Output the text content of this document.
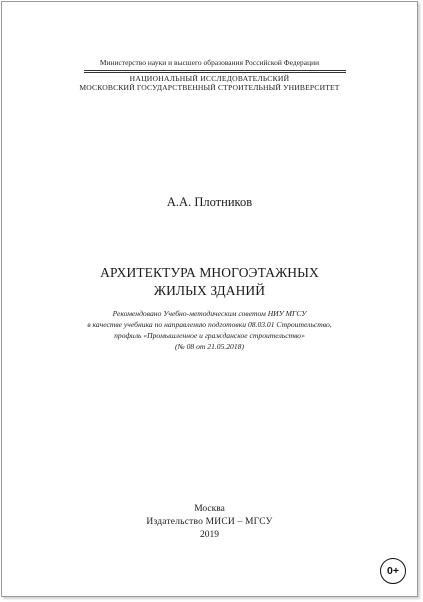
Министерство науки и высшего образования Российской Федерации
НАЦИОНАЛЬНЫЙ ИССЛЕДОВАТЕЛЬСКИЙ
МОСКОВСКИЙ ГОСУДАРСТВЕННЫЙ СТРОИТЕЛЬНЫЙ УНИВЕРСИТЕТ
А.А. Плотников
АРХИТЕКТУРА МНОГОЭТАЖНЫХ
ЖИЛЫХ ЗДАНИЙ
Рекомендовано Учебно-методическим советом НИУ МГСУ
в качестве учебника по направлению подготовки 08.03.01 Строительство,
профиль «Промышленное и гражданское строительство»
(№ 08 от 21.05.2018)
Москва
Издательство МИСИ – МГСУ
2019
0+
